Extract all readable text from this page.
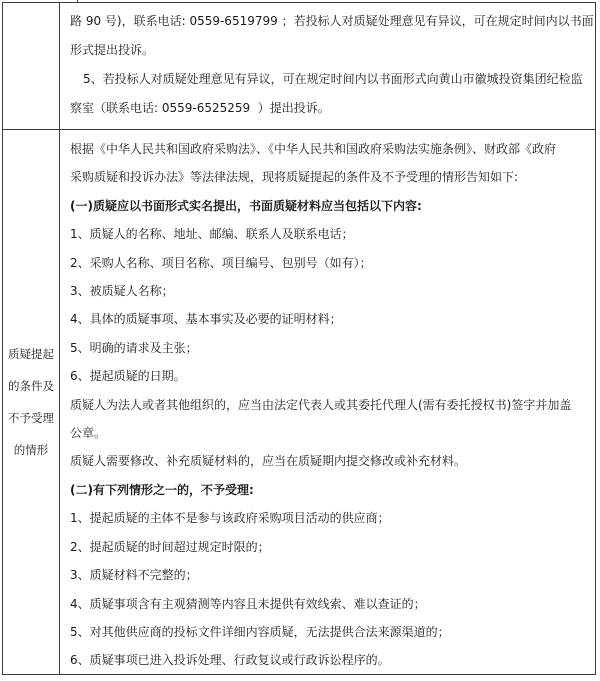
路 90 号)，联系电话: 0559-6519799 ；若投标人对质疑处理意见有异议，可在规定时间内以书面
形式提出投诉。
5、若投标人对质疑处理意见有异议，可在规定时间内以书面形式向黄山市徽城投资集团纪检监
察室（联系电话: 0559-6525259  ）提出投诉。
质疑提起
的条件及
不予受理
的情形
根据《中华人民共和国政府采购法》、《中华人民共和国政府采购法实施条例》、财政部《政府
采购质疑和投诉办法》等法律法规，现将质疑提起的条件及不予受理的情形告知如下:
(一)质疑应以书面形式实名提出，书面质疑材料应当包括以下内容:
1、质疑人的名称、地址、邮编、联系人及联系电话；
2、采购人名称、项目名称、项目编号、包别号（如有）；
3、被质疑人名称；
4、具体的质疑事项、基本事实及必要的证明材料；
5、明确的请求及主张；
6、提起质疑的日期。
质疑人为法人或者其他组织的，应当由法定代表人或其委托代理人(需有委托授权书)签字并加盖
公章。
质疑人需要修改、补充质疑材料的，应当在质疑期内提交修改或补充材料。
(二)有下列情形之一的，不予受理:
1、提起质疑的主体不是参与该政府采购项目活动的供应商；
2、提起质疑的时间超过规定时限的；
3、质疑材料不完整的；
4、质疑事项含有主观猜测等内容且未提供有效线索、难以查证的；
5、对其他供应商的投标文件详细内容质疑，无法提供合法来源渠道的；
6、质疑事项已进入投诉处理、行政复议或行政诉讼程序的。
